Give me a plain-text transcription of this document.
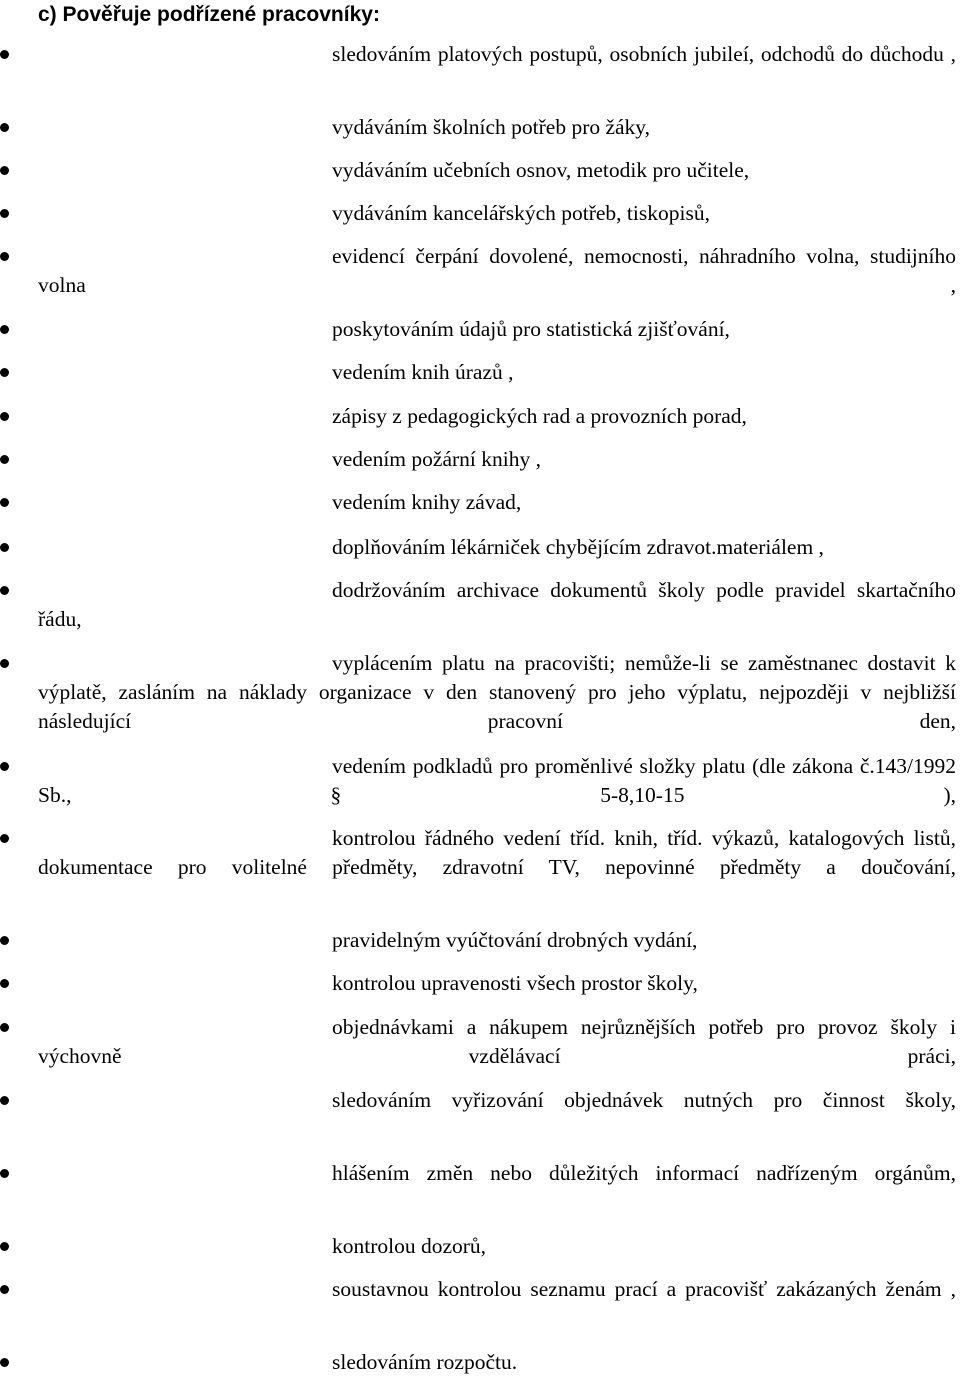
c) Pověřuje podřízené pracovníky:

sledováním platových postupů, osobních jubileí, odchodů do důchodu ,

vydáváním školních potřeb pro žáky,

vydáváním učebních osnov, metodik pro učitele,

vydáváním kancelářských potřeb, tiskopisů,

evidencí čerpání dovolené, nemocnosti, náhradního volna, studijního volna ,

poskytováním údajů pro statistická zjišťování,

vedením knih úrazů ,

zápisy z pedagogických rad a provozních porad,

vedením požární knihy ,

vedením knihy závad,

doplňováním lékárniček chybějícím zdravot.materiálem ,

dodržováním archivace dokumentů školy podle pravidel skartačního řádu,

vyplácením platu na pracovišti; nemůže-li se zaměstnanec dostavit k výplatě, zasláním na náklady organizace v den stanovený pro jeho výplatu, nejpozději v nejbližší následující pracovní den,

vedením podkladů pro proměnlivé složky platu (dle zákona č.143/1992 Sb., § 5-8,10-15 ),

kontrolou řádného vedení tříd. knih, tříd. výkazů, katalogových listů, dokumentace pro volitelné předměty, zdravotní TV, nepovinné předměty a doučování,

pravidelným vyúčtování drobných vydání,

kontrolou upravenosti všech prostor školy,

objednávkami a nákupem nejrůznějších potřeb pro provoz školy i výchovně vzdělávací práci,

sledováním vyřizování objednávek nutných pro činnost školy,

hlášením změn nebo důležitých informací nadřízeným orgánům,

kontrolou dozorů,

soustavnou kontrolou seznamu prací a pracovišť zakázaných ženám ,

sledováním rozpočtu.
